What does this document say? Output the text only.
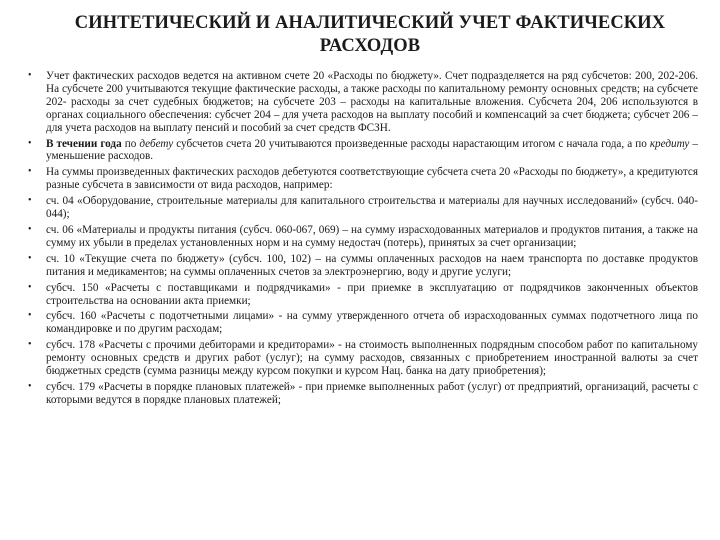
СИНТЕТИЧЕСКИЙ И АНАЛИТИЧЕСКИЙ УЧЕТ ФАКТИЧЕСКИХ
РАСХОДОВ
•	Учет фактических расходов ведется на активном счете 20 «Расходы по бюджету». Счет подразделяется на ряд субсчетов: 200, 202-206. На субсчете 200 учитываются текущие фактические расходы, а также расходы по капитальному ремонту основных средств; на субсчете 202- расходы за счет судебных бюджетов; на субсчете 203 – расходы на капитальные вложения. Субсчета 204, 206 используются в органах социального обеспечения: субсчет 204 – для учета расходов на выплату пособий и компенсаций за счет бюджета; субсчет 206 – для учета расходов на выплату пенсий и пособий за счет средств ФСЗН.
•	В течении года по дебету субсчетов счета 20 учитываются произведенные расходы нарастающим итогом с начала года, а по кредиту – уменьшение расходов.
•	На суммы произведенных фактических расходов дебетуются соответствующие субсчета счета 20 «Расходы по бюджету», а кредитуются разные субсчета в зависимости от вида расходов, например:
•	сч. 04 «Оборудование, строительные материалы для капитального строительства и материалы для научных исследований» (субсч. 040-044);
•	сч. 06 «Материалы и продукты питания (субсч. 060-067, 069) – на сумму израсходованных материалов и продуктов питания, а также на сумму их убыли в пределах установленных норм и на сумму недостач (потерь), принятых за счет организации;
•	сч. 10 «Текущие счета по бюджету» (субсч. 100, 102) – на суммы оплаченных расходов на наем транспорта по доставке продуктов питания и медикаментов; на суммы оплаченных счетов за электроэнергию, воду и другие услуги;
•	субсч. 150 «Расчеты с поставщиками и подрядчиками» - при приемке в эксплуатацию от подрядчиков законченных объектов строительства на основании акта приемки;
•	субсч. 160 «Расчеты с подотчетными лицами» - на сумму утвержденного отчета об израсходованных суммах подотчетного лица по командировке и по другим расходам;
•	субсч. 178 «Расчеты с прочими дебиторами и кредиторами» - на стоимость выполненных подрядным способом работ по капитальному ремонту основных средств и других работ (услуг); на сумму расходов, связанных с приобретением иностранной валюты за счет бюджетных средств (сумма разницы между курсом покупки и курсом Нац. банка на дату приобретения);
•	субсч. 179 «Расчеты в порядке плановых платежей» - при приемке выполненных работ (услуг) от предприятий, организаций, расчеты с которыми ведутся в порядке плановых платежей;
